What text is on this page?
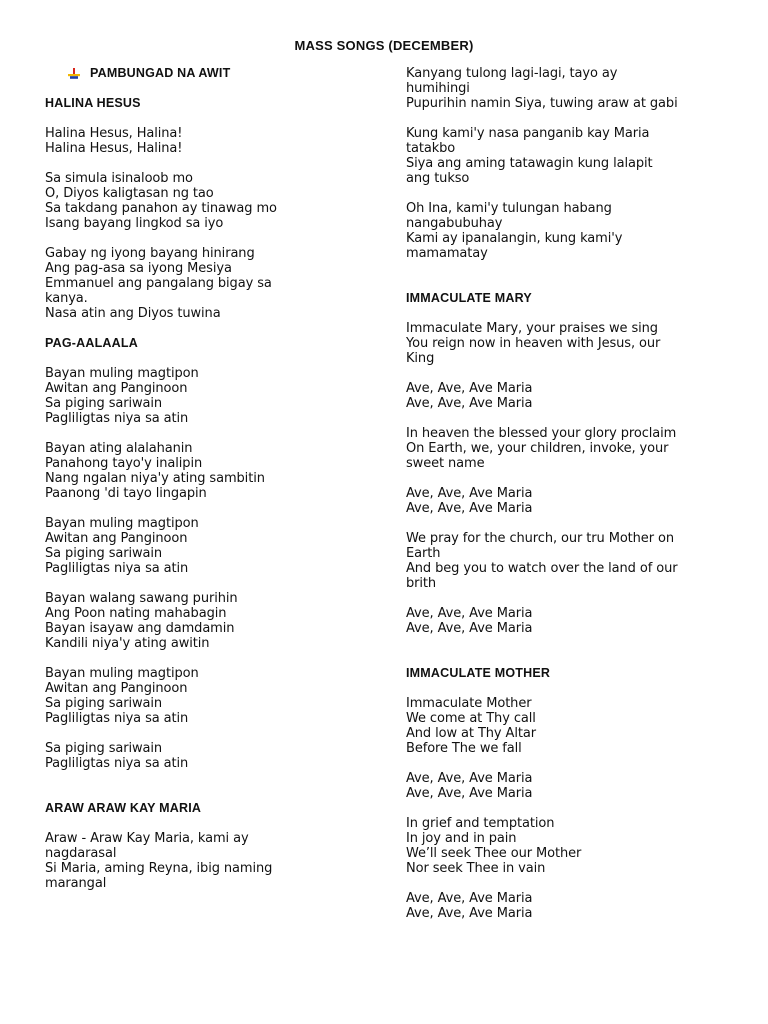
MASS SONGS (DECEMBER)
PAMBUNGAD NA AWIT
HALINA HESUS
Halina Hesus, Halina!
Halina Hesus, Halina!
Sa simula isinaloob mo
O, Diyos kaligtasan ng tao
Sa takdang panahon ay tinawag mo
Isang bayang lingkod sa iyo
Gabay ng iyong bayang hinirang
Ang pag-asa sa iyong Mesiya
Emmanuel ang pangalang bigay sa
kanya.
Nasa atin ang Diyos tuwina
PAG-AALAALA
Bayan muling magtipon
Awitan ang Panginoon
Sa piging sariwain
Pagliligtas niya sa atin
Bayan ating alalahanin
Panahong tayo'y inalipin
Nang ngalan niya'y ating sambitin
Paanong 'di tayo lingapin
Bayan muling magtipon
Awitan ang Panginoon
Sa piging sariwain
Pagliligtas niya sa atin
Bayan walang sawang purihin
Ang Poon nating mahabagin
Bayan isayaw ang damdamin
Kandili niya'y ating awitin
Bayan muling magtipon
Awitan ang Panginoon
Sa piging sariwain
Pagliligtas niya sa atin
Sa piging sariwain
Pagliligtas niya sa atin
ARAW ARAW KAY MARIA
Araw - Araw Kay Maria, kami ay
nagdarasal
Si Maria, aming Reyna, ibig naming
marangal
Kanyang tulong lagi-lagi, tayo ay
humihingi
Pupurihin namin Siya, tuwing araw at gabi
Kung kami'y nasa panganib kay Maria
tatakbo
Siya ang aming tatawagin kung lalapit
ang tukso
Oh Ina, kami'y tulungan habang
nangabubuhay
Kami ay ipanalangin, kung kami'y
mamamatay
IMMACULATE MARY
Immaculate Mary, your praises we sing
You reign now in heaven with Jesus, our
King
Ave, Ave, Ave Maria
Ave, Ave, Ave Maria
In heaven the blessed your glory proclaim
On Earth, we, your children, invoke, your
sweet name
Ave, Ave, Ave Maria
Ave, Ave, Ave Maria
We pray for the church, our tru Mother on
Earth
And beg you to watch over the land of our
brith
Ave, Ave, Ave Maria
Ave, Ave, Ave Maria
IMMACULATE MOTHER
Immaculate Mother
We come at Thy call
And low at Thy Altar
Before The we fall
Ave, Ave, Ave Maria
Ave, Ave, Ave Maria
In grief and temptation
In joy and in pain
We’ll seek Thee our Mother
Nor seek Thee in vain
Ave, Ave, Ave Maria
Ave, Ave, Ave Maria
